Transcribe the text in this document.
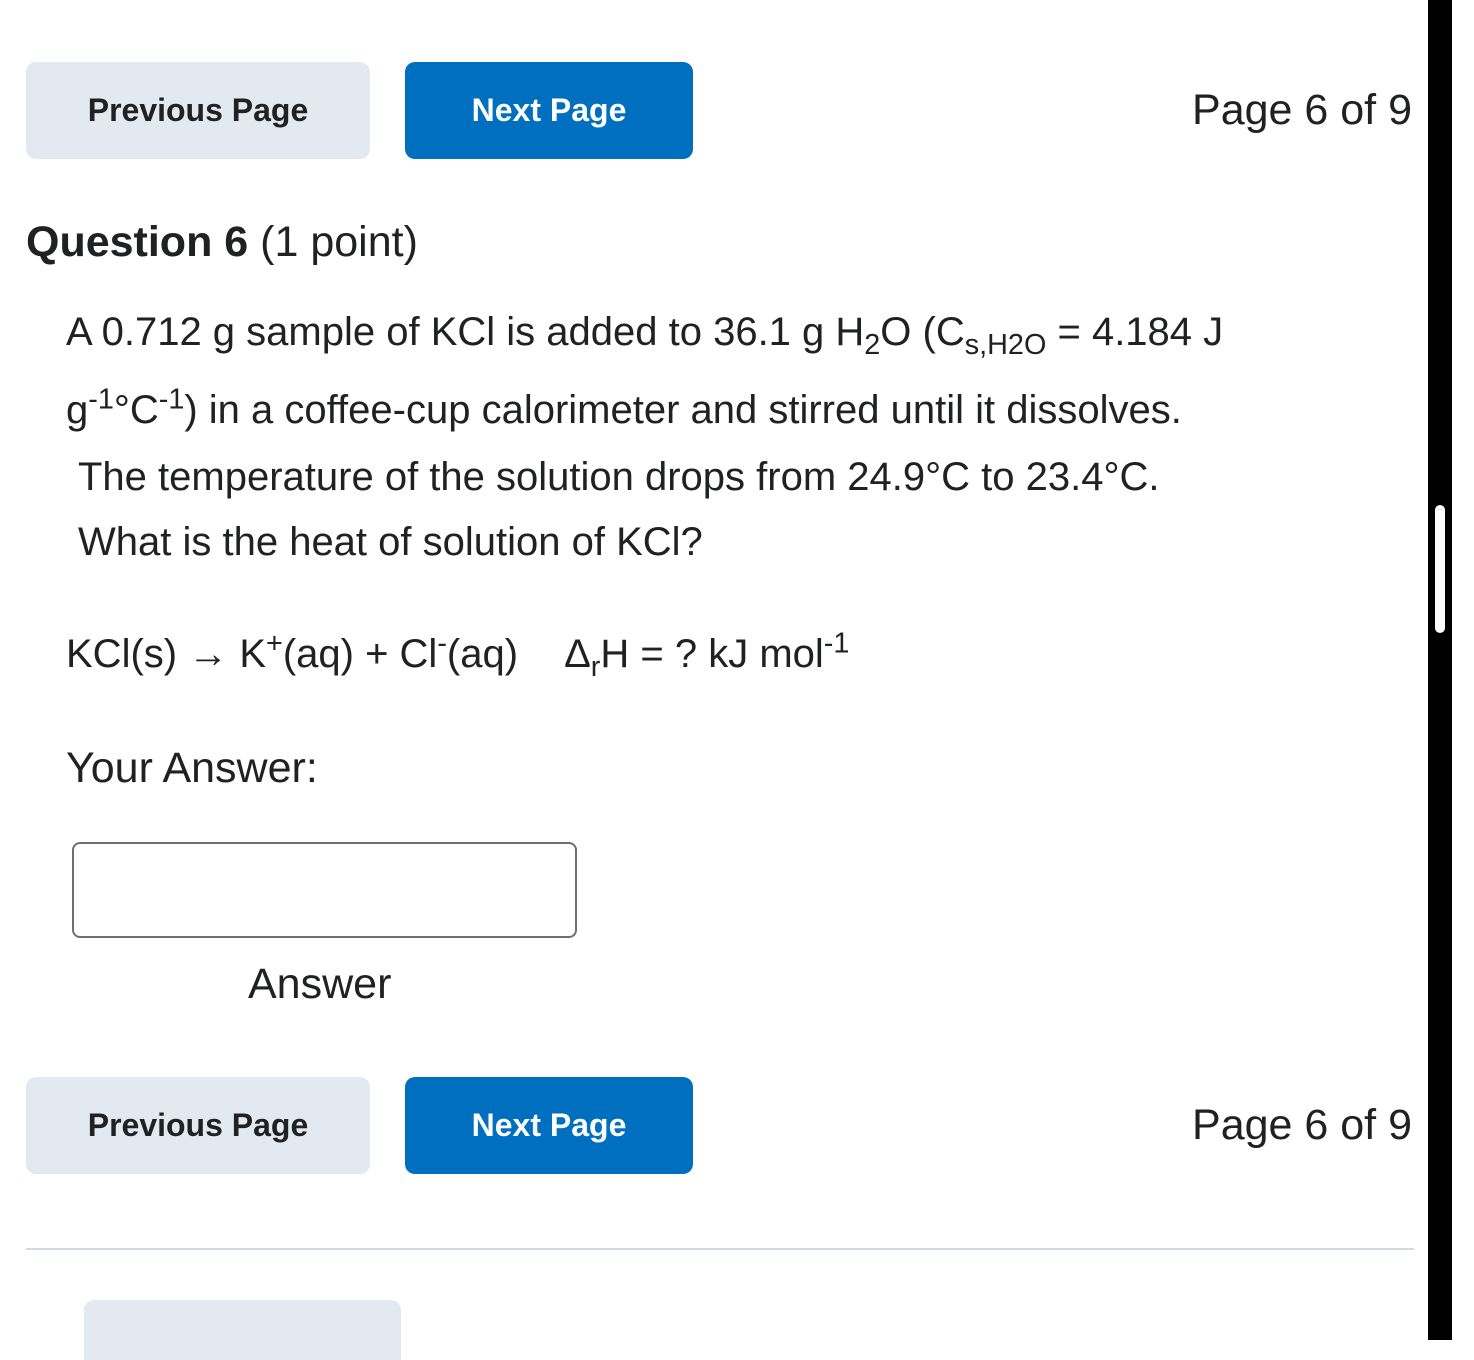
Previous Page	Next Page	Page 6 of 9
Question 6 (1 point)
A 0.712 g sample of KCl is added to 36.1 g $H_2O$ ($C_{s,H2O} = 4.184$ J
$g^{-1}^\circ C^{-1}$) in a coffee-cup calorimeter and stirred until it dissolves.
The temperature of the solution drops from 24.9°C to 23.4°C.
What is the heat of solution of KCl?
KCl(s) → K+(aq) + Cl-(aq) $\Delta_rH$ = ? kJ mol$^{-1}$
Your Answer:
Answer
Previous Page	Next Page	Page 6 of 9
